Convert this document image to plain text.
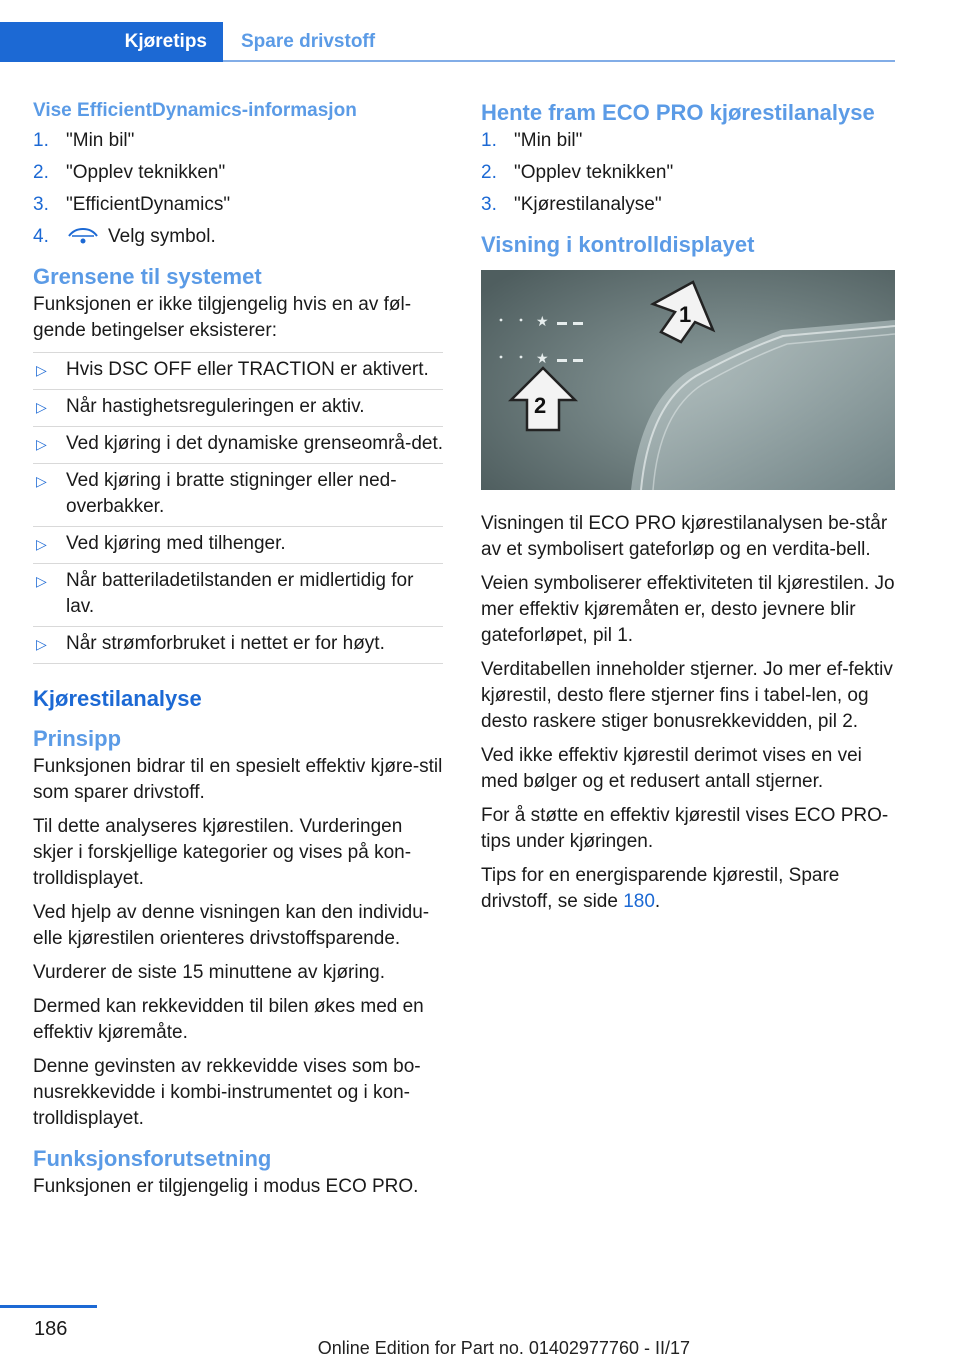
Kjøretips	Spare drivstoff
Vise EfficientDynamics-informasjon
1. "Min bil"
2. "Opplev teknikken"
3. "EfficientDynamics"
4.	Velg symbol.
Grensene til systemet

Funksjonen er ikke tilgjengelig hvis en av føl-gende betingelser eksisterer:

▷ Hvis DSC OFF eller TRACTION er aktivert.
▷ Når hastighetsreguleringen er aktiv.
▷ Ved kjøring i det dynamiske grenseområ-det.
▷ Ved kjøring i bratte stigninger eller ned-overbakker.
▷ Ved kjøring med tilhenger.
▷ Når batteriladetilstanden er midlertidig for lav.
▷ Når strømforbruket i nettet er for høyt.
Kjørestilanalyse
Prinsipp

Funksjonen bidrar til en spesielt effektiv kjøre-stil som sparer drivstoff.

Til dette analyseres kjørestilen. Vurderingen skjer i forskjellige kategorier og vises på kon-trolldisplayet.

Ved hjelp av denne visningen kan den individu-elle kjørestilen orienteres drivstoffsparende.

Vurderer de siste 15 minuttene av kjøring.

Dermed kan rekkevidden til bilen økes med en effektiv kjøremåte.

Denne gevinsten av rekkevidde vises som bo-nusrekkevidde i kombi-instrumentet og i kon-trolldisplayet.

Funksjonsforutsetning

Funksjonen er tilgjengelig i modus ECO PRO.

Hente fram ECO PRO kjørestilanalyse
1. "Min bil"
2. "Opplev teknikken"
3. "Kjørestilanalyse"
Visning i kontrolldisplayet
★
★
1
2

Visningen til ECO PRO kjørestilanalysen be-står av et symbolisert gateforløp og en verdita-bell.

Veien symboliserer effektiviteten til kjørestilen. Jo mer effektiv kjøremåten er, desto jevnere blir gateforløpet, pil 1.

Verditabellen inneholder stjerner. Jo mer ef-fektiv kjørestil, desto flere stjerner fins i tabel-len, og desto raskere stiger bonusrekkevidden, pil 2.

Ved ikke effektiv kjørestil derimot vises en vei med bølger og et redusert antall stjerner.

For å støtte en effektiv kjørestil vises ECO PRO-tips under kjøringen.

Tips for en energisparende kjørestil, Spare drivstoff, se side 180.

186
Online Edition for Part no. 01402977760 - II/17
